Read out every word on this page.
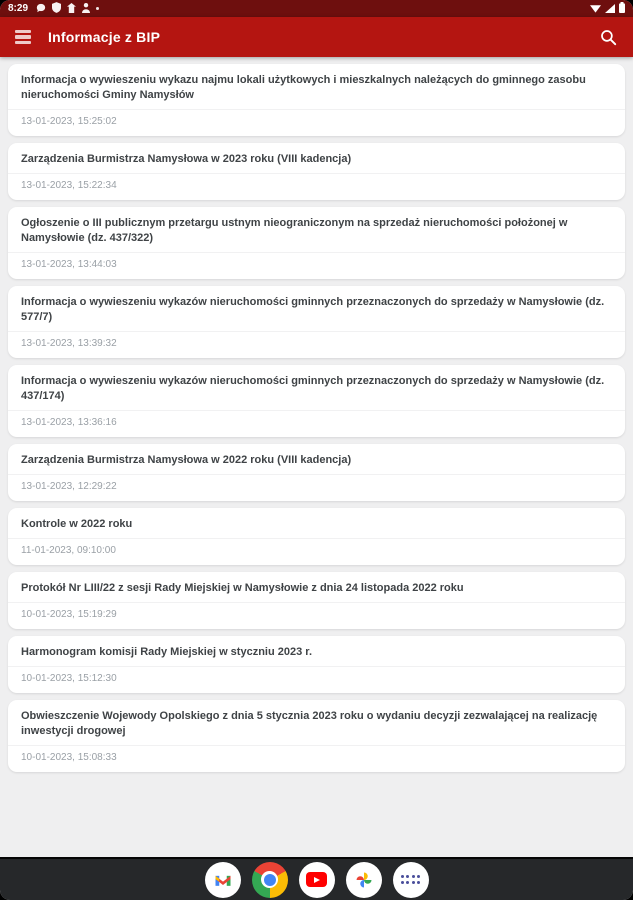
8:29
Informacje z BIP
Informacja o wywieszeniu wykazu najmu lokali użytkowych i mieszkalnych należących do gminnego zasobu nieruchomości Gminy Namysłów
13-01-2023, 15:25:02
Zarządzenia Burmistrza Namysłowa w 2023 roku (VIII kadencja)
13-01-2023, 15:22:34
Ogłoszenie o III publicznym przetargu ustnym nieograniczonym na sprzedaż nieruchomości położonej w Namysłowie (dz. 437/322)
13-01-2023, 13:44:03
Informacja o wywieszeniu wykazów nieruchomości gminnych przeznaczonych do sprzedaży w Namysłowie (dz. 577/7)
13-01-2023, 13:39:32
Informacja o wywieszeniu wykazów nieruchomości gminnych przeznaczonych do sprzedaży w Namysłowie (dz. 437/174)
13-01-2023, 13:36:16
Zarządzenia Burmistrza Namysłowa w 2022 roku (VIII kadencja)
13-01-2023, 12:29:22
Kontrole w 2022 roku
11-01-2023, 09:10:00
Protokół Nr LIII/22 z sesji Rady Miejskiej w Namysłowie z dnia 24 listopada 2022 roku
10-01-2023, 15:19:29
Harmonogram komisji Rady Miejskiej w styczniu 2023 r.
10-01-2023, 15:12:30
Obwieszczenie Wojewody Opolskiego z dnia 5 stycznia 2023 roku o wydaniu decyzji zezwalającej na realizację inwestycji drogowej
10-01-2023, 15:08:33
